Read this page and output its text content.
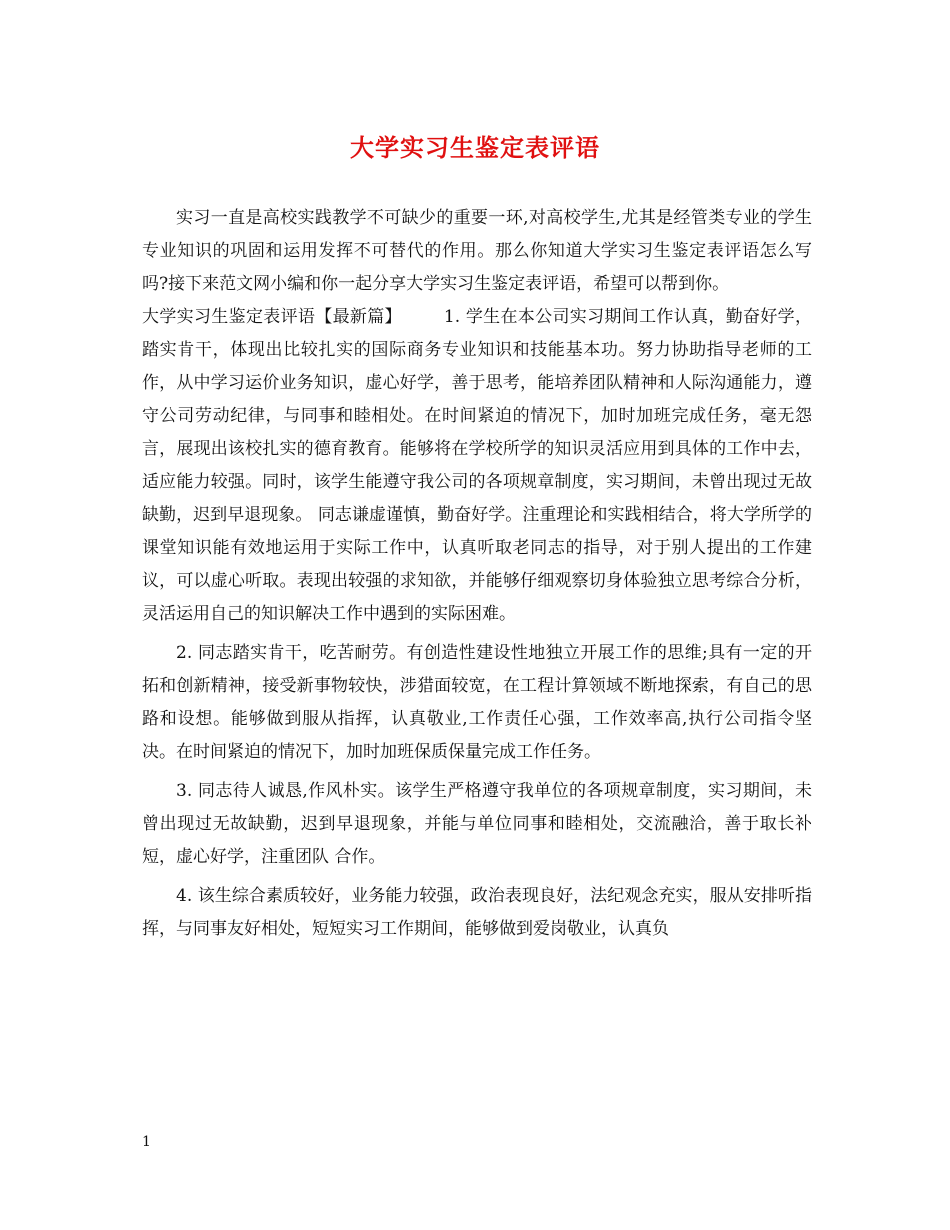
大学实习生鉴定表评语

实习一直是高校实践教学不可缺少的重要一环,对高校学生,尤其是经管类专业的学生专业知识的巩固和运用发挥不可替代的作用。那么你知道大学实习生鉴定表评语怎么写吗?接下来范文网小编和你一起分享大学实习生鉴定表评语，希望可以帮到你。

大学实习生鉴定表评语【最新篇】 1. 学生在本公司实习期间工作认真，勤奋好学，踏实肯干，体现出比较扎实的国际商务专业知识和技能基本功。努力协助指导老师的工作，从中学习运价业务知识，虚心好学，善于思考，能培养团队精神和人际沟通能力，遵守公司劳动纪律，与同事和睦相处。在时间紧迫的情况下，加时加班完成任务，毫无怨言，展现出该校扎实的德育教育。能够将在学校所学的知识灵活应用到具体的工作中去，适应能力较强。同时，该学生能遵守我公司的各项规章制度，实习期间，未曾出现过无故缺勤，迟到早退现象。 同志谦虚谨慎，勤奋好学。注重理论和实践相结合，将大学所学的课堂知识能有效地运用于实际工作中，认真听取老同志的指导，对于别人提出的工作建议，可以虚心听取。表现出较强的求知欲，并能够仔细观察切身体验独立思考综合分析，灵活运用自己的知识解决工作中遇到的实际困难。

2. 同志踏实肯干，吃苦耐劳。有创造性建设性地独立开展工作的思维;具有一定的开拓和创新精神，接受新事物较快，涉猎面较宽，在工程计算领域不断地探索，有自己的思路和设想。能够做到服从指挥，认真敬业,工作责任心强，工作效率高,执行公司指令坚决。在时间紧迫的情况下，加时加班保质保量完成工作任务。

3. 同志待人诚恳,作风朴实。该学生严格遵守我单位的各项规章制度，实习期间，未曾出现过无故缺勤，迟到早退现象，并能与单位同事和睦相处，交流融洽，善于取长补短，虚心好学，注重团队 合作。

4. 该生综合素质较好，业务能力较强，政治表现良好，法纪观念充实，服从安排听指挥，与同事友好相处，短短实习工作期间，能够做到爱岗敬业，认真负

1
